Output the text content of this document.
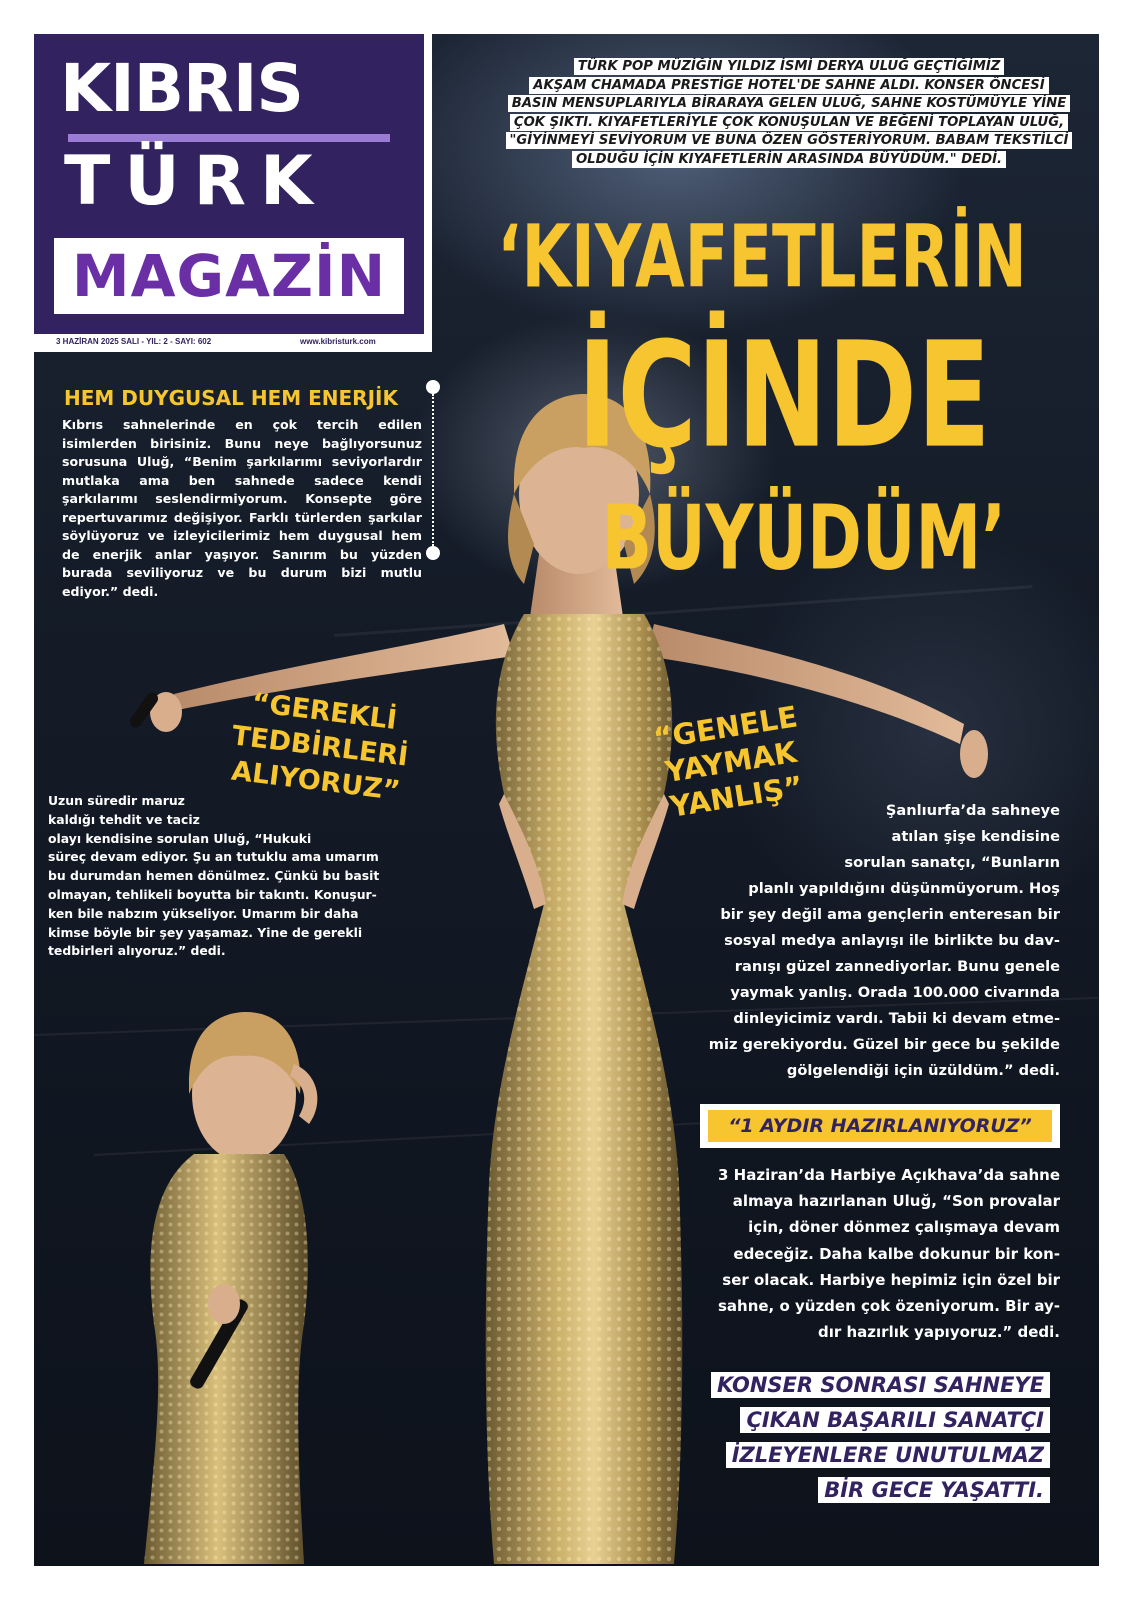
KIBRIS
TÜRK
MAGAZİN
3 HAZİRAN 2025 SALI - YIL: 2 - SAYI: 602	www.kibristurk.com
TÜRK POP MÜZİĞİN YILDIZ İSMİ DERYA ULUĞ GEÇTİĞİMİZ
AKŞAM CHAMADA PRESTİGE HOTEL'DE SAHNE ALDI. KONSER ÖNCESİ
BASIN MENSUPLARIYLA BİRARAYA GELEN ULUĞ, SAHNE KOSTÜMÜYLE YİNE
ÇOK ŞIKTI. KIYAFETLERİYLE ÇOK KONUŞULAN VE BEĞENİ TOPLAYAN ULUĞ,
"GİYİNMEYİ SEVİYORUM VE BUNA ÖZEN GÖSTERİYORUM. BABAM TEKSTİLCİ
OLDUĞU İÇİN KIYAFETLERİN ARASINDA BÜYÜDÜM." DEDİ.
‘KIYAFETLERİN
İÇİNDE
BÜYÜDÜM’
HEM DUYGUSAL HEM ENERJİK
Kıbrıs sahnelerinde en çok tercih edilen isimlerden birisiniz. Bunu neye bağlıyorsunuz sorusuna Uluğ, “Benim şarkılarımı seviyorlardır mutlaka ama ben sahnede sadece kendi şarkılarımı seslendirmiyorum. Konsepte göre repertuvarımız değişiyor. Farklı türlerden şarkılar söylüyoruz ve izleyicilerimiz hem duygusal hem de enerjik anlar yaşıyor. Sanırım bu yüzden burada seviliyoruz ve bu durum bizi mutlu ediyor.” dedi.
“GEREKLİ TEDBİRLERİ ALIYORUZ”
“GENELE YAYMAK YANLIŞ”
Uzun süredir maruz
kaldığı tehdit ve taciz
olayı kendisine sorulan Uluğ, “Hukuki
süreç devam ediyor. Şu an tutuklu ama umarım
bu durumdan hemen dönülmez. Çünkü bu basit
olmayan, tehlikeli boyutta bir takıntı. Konuşur-
ken bile nabzım yükseliyor. Umarım bir daha
kimse böyle bir şey yaşamaz. Yine de gerekli
tedbirleri alıyoruz.” dedi.
Şanlıurfa’da sahneye
atılan şişe kendisine
sorulan sanatçı, “Bunların
planlı yapıldığını düşünmüyorum. Hoş
bir şey değil ama gençlerin enteresan bir
sosyal medya anlayışı ile birlikte bu dav-
ranışı güzel zannediyorlar. Bunu genele
yaymak yanlış. Orada 100.000 civarında
dinleyicimiz vardı. Tabii ki devam etme-
miz gerekiyordu. Güzel bir gece bu şekilde
gölgelendiği için üzüldüm.” dedi.
“1 AYDIR HAZIRLANIYORUZ”
3 Haziran’da Harbiye Açıkhava’da sahne
almaya hazırlanan Uluğ, “Son provalar
için, döner dönmez çalışmaya devam
edeceğiz. Daha kalbe dokunur bir kon-
ser olacak. Harbiye hepimiz için özel bir
sahne, o yüzden çok özeniyorum. Bir ay-
dır hazırlık yapıyoruz.” dedi.
KONSER SONRASI SAHNEYE
ÇIKAN BAŞARILI SANATÇI
İZLEYENLERE UNUTULMAZ
BİR GECE YAŞATTI.
